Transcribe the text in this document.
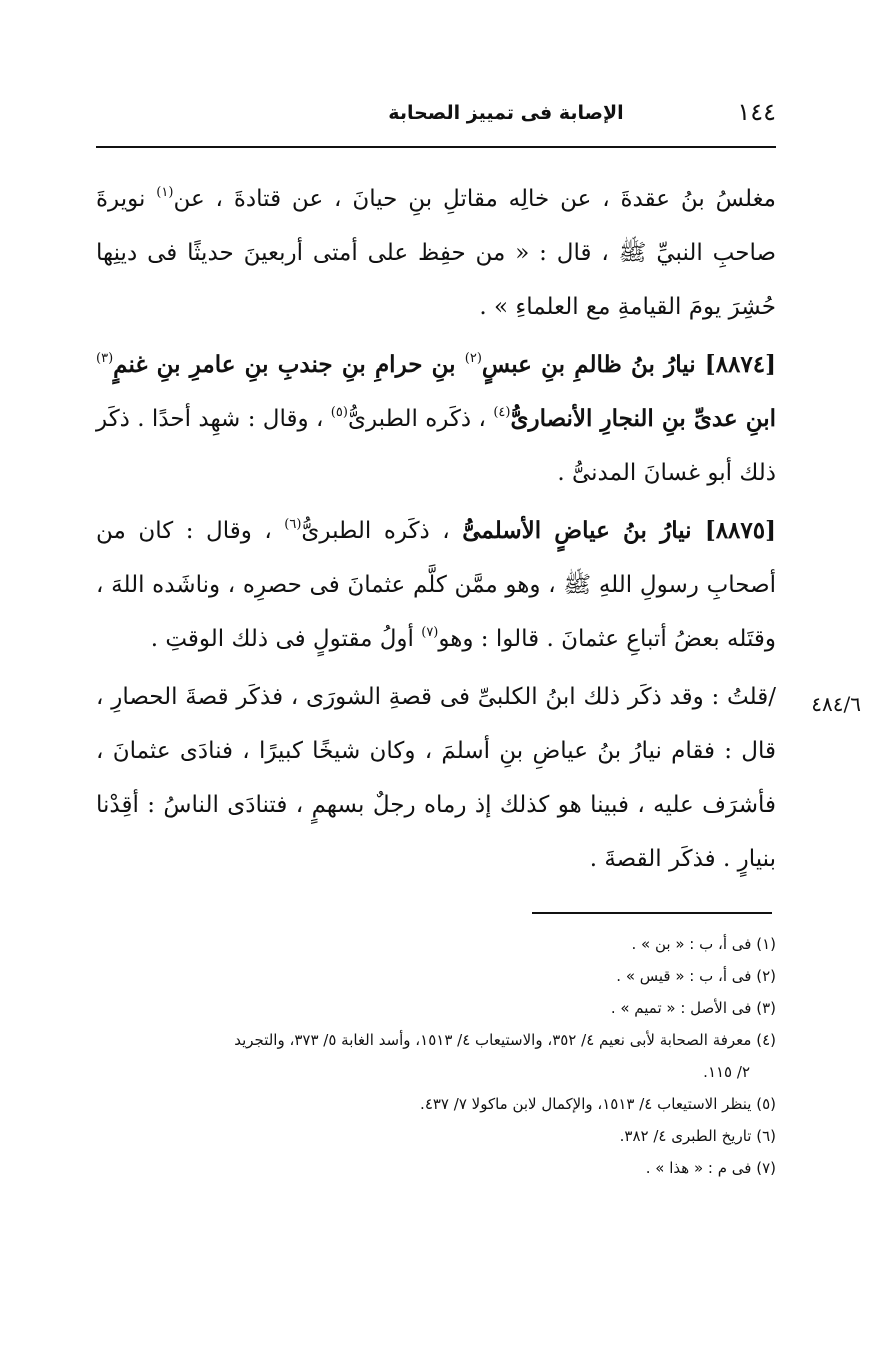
الإصابة فى تمييز الصحابة	١٤٤

مغلسُ بنُ عقدةَ ، عن خالِه مقاتلِ بنِ حيانَ ، عن قتادةَ ، عن$^{(١)}$ نويرةَ صاحبِ النبيِّ ﷺ ، قال : « من حفِظ على أمتى أربعينَ حديثًا فى دينِها حُشِرَ يومَ القيامةِ مع العلماءِ » .

[٨٨٧٤] نيارُ بنُ ظالمِ بنِ عبسٍ$^{(٢)}$ بنِ حرامِ بنِ جندبِ بنِ عامرِ بنِ غنمٍ$^{(٣)}$ ابنِ عدىِّ بنِ النجارِ الأنصارىُّ$^{(٤)}$ ، ذكَره الطبرىُّ$^{(٥)}$ ، وقال : شهِد أحدًا . ذكَر ذلك أبو غسانَ المدنىُّ .

[٨٨٧٥] نيارُ بنُ عياضٍ الأسلمىُّ ، ذكَره الطبرىُّ$^{(٦)}$ ، وقال : كان من أصحابِ رسولِ اللهِ ﷺ ، وهو ممَّن كلَّم عثمانَ فى حصرِه ، وناشَده اللهَ ، وقتَله بعضُ أتباعِ عثمانَ . قالوا : وهو$^{(٧)}$ أولُ مقتولٍ فى ذلك الوقتِ .

/قلتُ : وقد ذكَر ذلك ابنُ الكلبىِّ فى قصةِ الشورَى ، فذكَر قصةَ الحصارِ ، قال : فقام نيارُ بنُ عياضِ بنِ أسلمَ ، وكان شيخًا كبيرًا ، فنادَى عثمانَ ، فأشرَف عليه ، فبينا هو كذلك إذ رماه رجلٌ بسهمٍ ، فتنادَى الناسُ : أقِدْنا بنيارٍ . فذكَر القصةَ .

٤٨٤/٦

(١) فى أ، ب : « بن » .

(٢) فى أ، ب : « قيس » .

(٣) فى الأصل : « تميم » .

(٤) معرفة الصحابة لأبى نعيم ٤/ ٣٥٢، والاستيعاب ٤/ ١٥١٣، وأسد الغابة ٥/ ٣٧٣، والتجريد

٢/ ١١٥.

(٥) ينظر الاستيعاب ٤/ ١٥١٣، والإكمال لابن ماكولا ٧/ ٤٣٧.

(٦) تاريخ الطبرى ٤/ ٣٨٢.

(٧) فى م : « هذا » .
